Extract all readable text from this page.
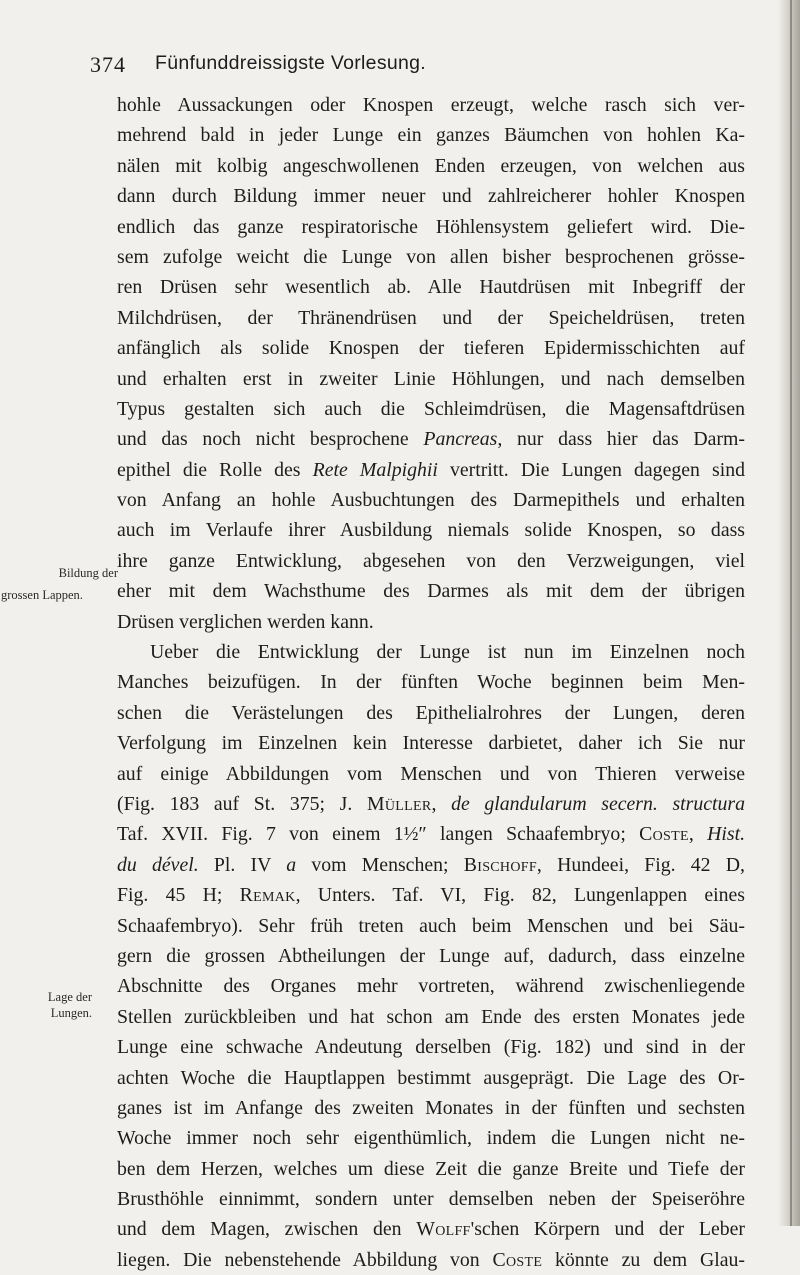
374 Fünfunddreissigste Vorlesung.
Bildung der
grossen Lappen.
Lage der
Lungen.
hohle Aussackungen oder Knospen erzeugt, welche rasch sich ver-
mehrend bald in jeder Lunge ein ganzes Bäumchen von hohlen Ka-
nälen mit kolbig angeschwollenen Enden erzeugen, von welchen aus
dann durch Bildung immer neuer und zahlreicherer hohler Knospen
endlich das ganze respiratorische Höhlensystem geliefert wird. Die-
sem zufolge weicht die Lunge von allen bisher besprochenen grösse-
ren Drüsen sehr wesentlich ab. Alle Hautdrüsen mit Inbegriff der
Milchdrüsen, der Thränendrüsen und der Speicheldrüsen, treten
anfänglich als solide Knospen der tieferen Epidermisschichten auf
und erhalten erst in zweiter Linie Höhlungen, und nach demselben
Typus gestalten sich auch die Schleimdrüsen, die Magensaftdrüsen
und das noch nicht besprochene Pancreas, nur dass hier das Darm-
epithel die Rolle des Rete Malpighii vertritt. Die Lungen dagegen sind
von Anfang an hohle Ausbuchtungen des Darmepithels und erhalten
auch im Verlaufe ihrer Ausbildung niemals solide Knospen, so dass
ihre ganze Entwicklung, abgesehen von den Verzweigungen, viel
eher mit dem Wachsthume des Darmes als mit dem der übrigen
Drüsen verglichen werden kann.
Ueber die Entwicklung der Lunge ist nun im Einzelnen noch
Manches beizufügen. In der fünften Woche beginnen beim Men-
schen die Verästelungen des Epithelialrohres der Lungen, deren
Verfolgung im Einzelnen kein Interesse darbietet, daher ich Sie nur
auf einige Abbildungen vom Menschen und von Thieren verweise
(Fig. 183 auf St. 375; J. Müller, de glandularum secern. structura
Taf. XVII. Fig. 7 von einem 1½″ langen Schaafembryo; Coste, Hist.
du dével. Pl. IV a vom Menschen; Bischoff, Hundeei, Fig. 42 D,
Fig. 45 H; Remak, Unters. Taf. VI, Fig. 82, Lungenlappen eines
Schaafembryo). Sehr früh treten auch beim Menschen und bei Säu-
gern die grossen Abtheilungen der Lunge auf, dadurch, dass einzelne
Abschnitte des Organes mehr vortreten, während zwischenliegende
Stellen zurückbleiben und hat schon am Ende des ersten Monates jede
Lunge eine schwache Andeutung derselben (Fig. 182) und sind in der
achten Woche die Hauptlappen bestimmt ausgeprägt. Die Lage des Or-
ganes ist im Anfange des zweiten Monates in der fünften und sechsten
Woche immer noch sehr eigenthümlich, indem die Lungen nicht ne-
ben dem Herzen, welches um diese Zeit die ganze Breite und Tiefe der
Brusthöhle einnimmt, sondern unter demselben neben der Speiseröhre
und dem Magen, zwischen den Wolff'schen Körpern und der Leber
liegen. Die nebenstehende Abbildung von Coste könnte zu dem Glau-
